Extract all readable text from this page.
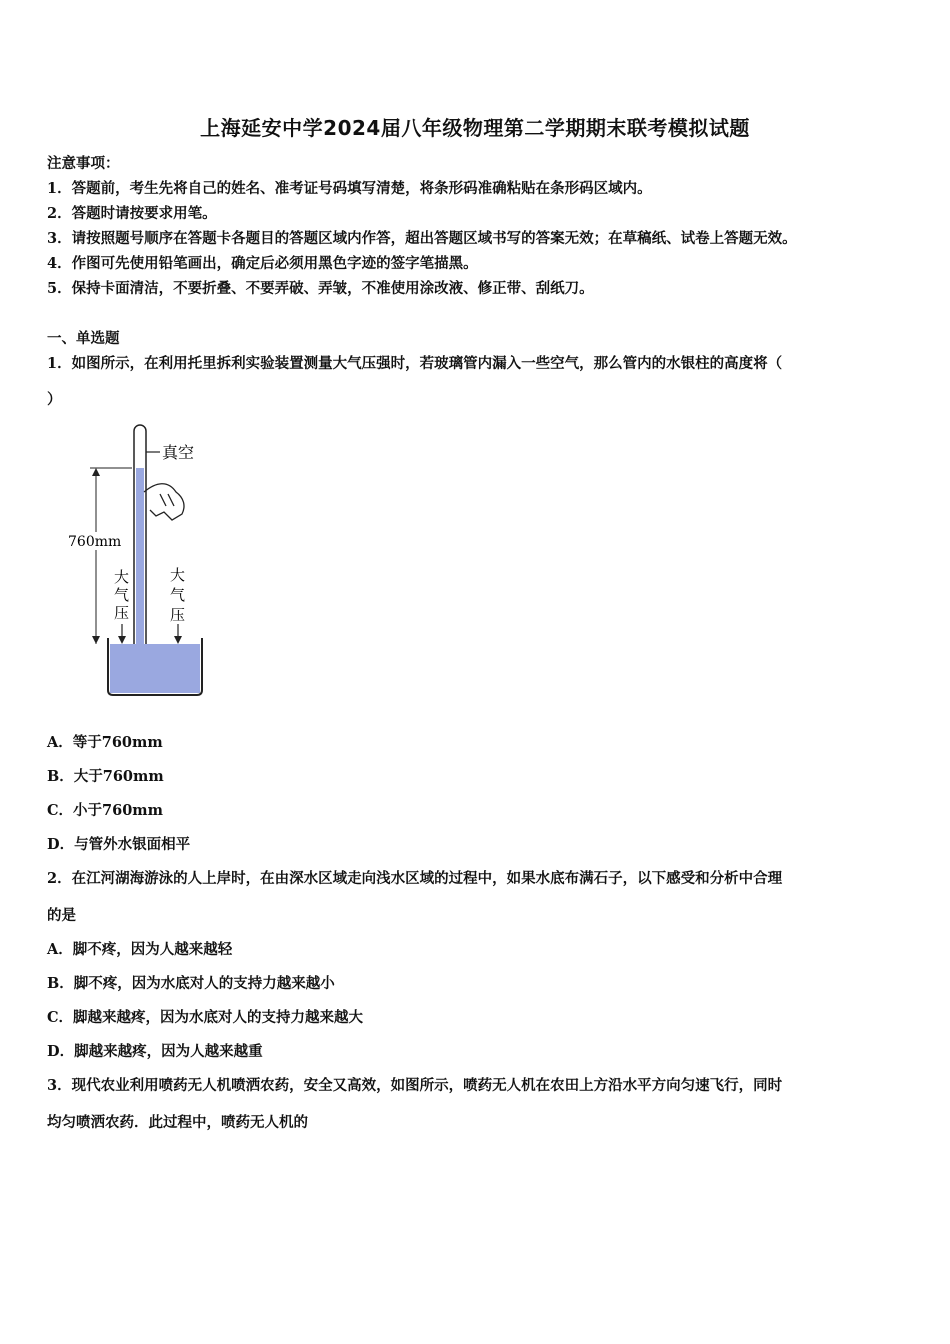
上海延安中学2024届八年级物理第二学期期末联考模拟试题
注意事项：
1．答题前，考生先将自己的姓名、准考证号码填写清楚，将条形码准确粘贴在条形码区域内。
2．答题时请按要求用笔。
3．请按照题号顺序在答题卡各题目的答题区域内作答，超出答题区域书写的答案无效；在草稿纸、试卷上答题无效。
4．作图可先使用铅笔画出，确定后必须用黑色字迹的签字笔描黑。
5．保持卡面清洁，不要折叠、不要弄破、弄皱，不准使用涂改液、修正带、刮纸刀。
一、单选题
1．如图所示，在利用托里拆利实验装置测量大气压强时，若玻璃管内漏入一些空气，那么管内的水银柱的高度将（
）
真空
760mm
大
气
压
大
气
压
A．等于760mm
B．大于760mm
C．小于760mm
D．与管外水银面相平
2．在江河湖海游泳的人上岸时，在由深水区域走向浅水区域的过程中，如果水底布满石子，以下感受和分析中合理
的是
A．脚不疼，因为人越来越轻
B．脚不疼，因为水底对人的支持力越来越小
C．脚越来越疼，因为水底对人的支持力越来越大
D．脚越来越疼，因为人越来越重
3．现代农业利用喷药无人机喷洒农药，安全又高效，如图所示，喷药无人机在农田上方沿水平方向匀速飞行，同时
均匀喷洒农药．此过程中，喷药无人机的
